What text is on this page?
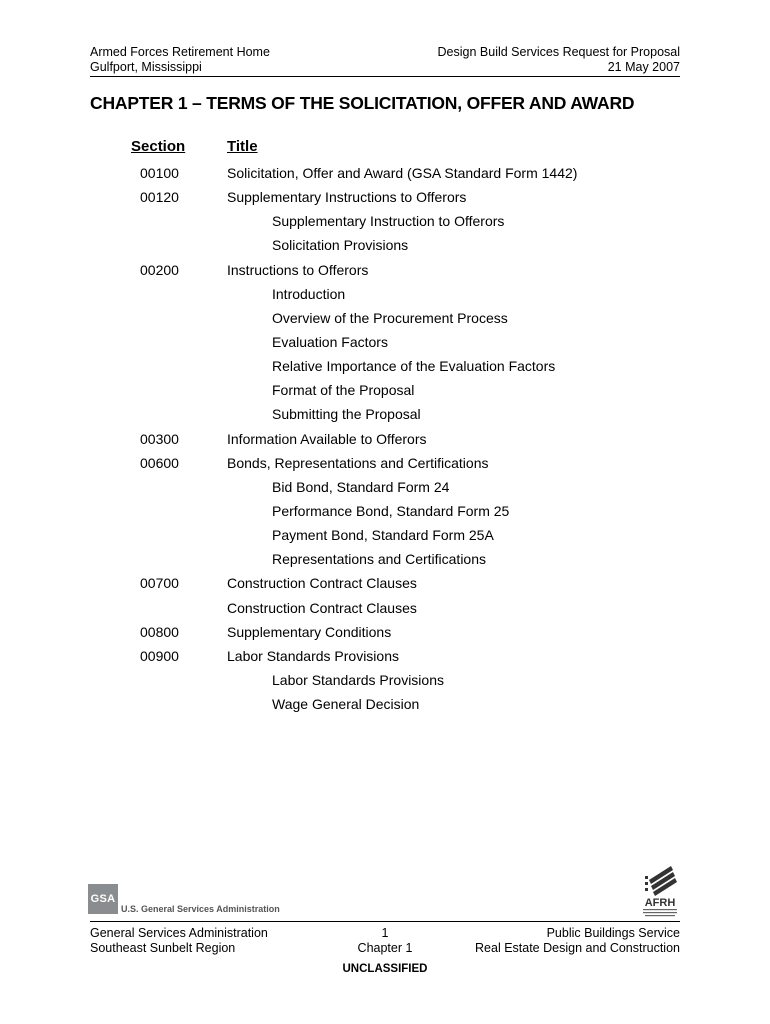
Armed Forces Retirement Home
Gulfport, Mississippi
Design Build Services Request for Proposal
21 May 2007
CHAPTER 1 – TERMS OF THE SOLICITATION, OFFER AND AWARD
Section	Title
00100	Solicitation, Offer and Award (GSA Standard Form 1442)
00120	Supplementary Instructions to Offerors
Supplementary Instruction to Offerors
Solicitation Provisions
00200	Instructions to Offerors
Introduction
Overview of the Procurement Process
Evaluation Factors
Relative Importance of the Evaluation Factors
Format of the Proposal
Submitting the Proposal
00300	Information Available to Offerors
00600	Bonds, Representations and Certifications
Bid Bond, Standard Form 24
Performance Bond, Standard Form 25
Payment Bond, Standard Form 25A
Representations and Certifications
00700	Construction Contract Clauses
Construction Contract Clauses
00800	Supplementary Conditions
00900	Labor Standards Provisions
Labor Standards Provisions
Wage General Decision
GSA
U.S. General Services Administration	AFRH
General Services Administration
Southeast Sunbelt Region
1
Chapter 1
Public Buildings Service
Real Estate Design and Construction
UNCLASSIFIED
